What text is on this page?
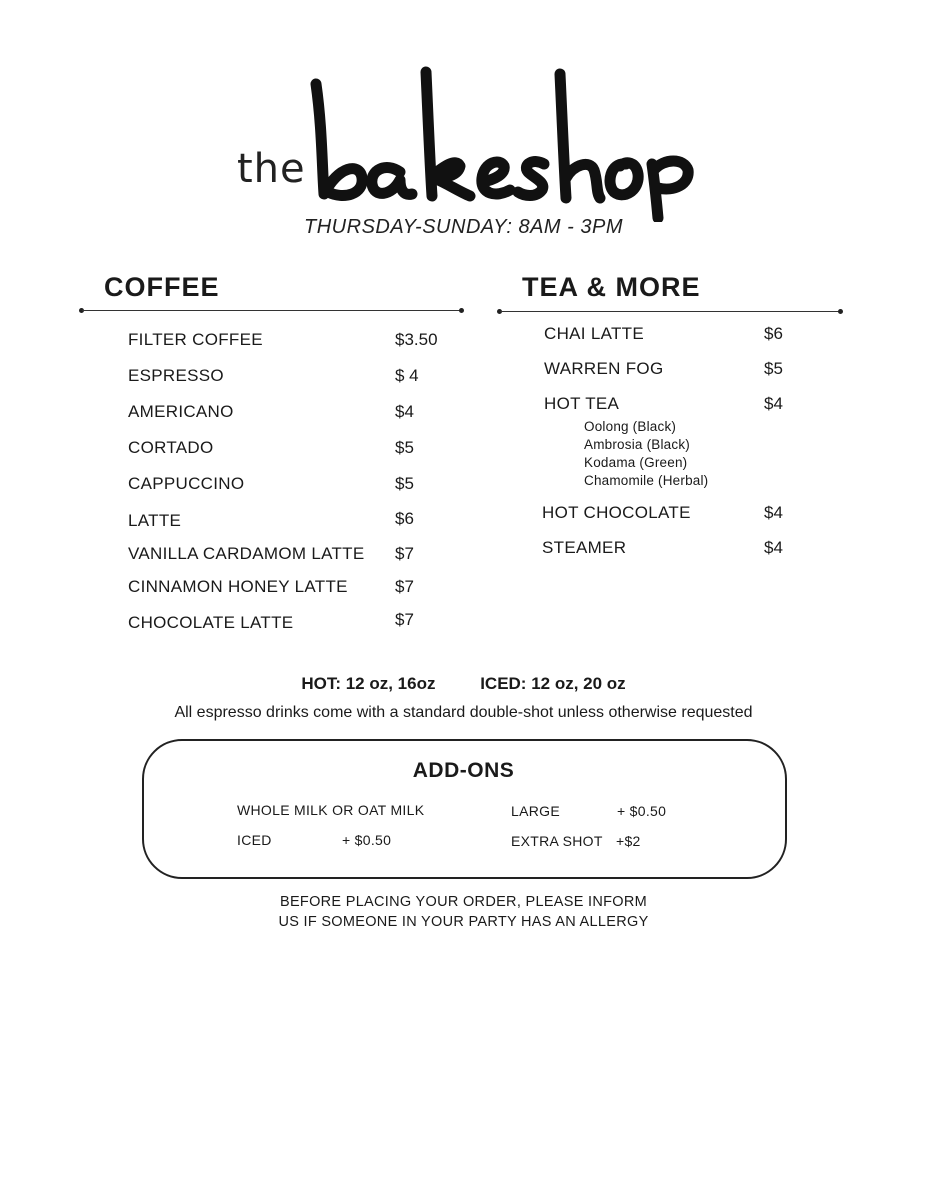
the
THURSDAY-SUNDAY: 8AM - 3PM
COFFEE
FILTER COFFEE	$3.50
ESPRESSO	$ 4
AMERICANO	$4
CORTADO	$5
CAPPUCCINO	$5
LATTE	$6
VANILLA CARDAMOM LATTE $7
CINNAMON HONEY LATTE	$7
CHOCOLATE LATTE	$7
TEA & MORE
CHAI LATTE	$6
WARREN FOG	$5
HOT TEA	$4
Oolong (Black)
Ambrosia (Black)
Kodama (Green)
Chamomile (Herbal)
HOT CHOCOLATE	$4
STEAMER	$4
HOT: 12 oz, 16oz	ICED: 12 oz, 20 oz
All espresso drinks come with a standard double-shot unless otherwise requested
ADD-ONS
WHOLE MILK OR OAT MILK
ICED	+ $0.50
LARGE	+ $0.50
EXTRA SHOT +$2
BEFORE PLACING YOUR ORDER, PLEASE INFORM
US IF SOMEONE IN YOUR PARTY HAS AN ALLERGY
